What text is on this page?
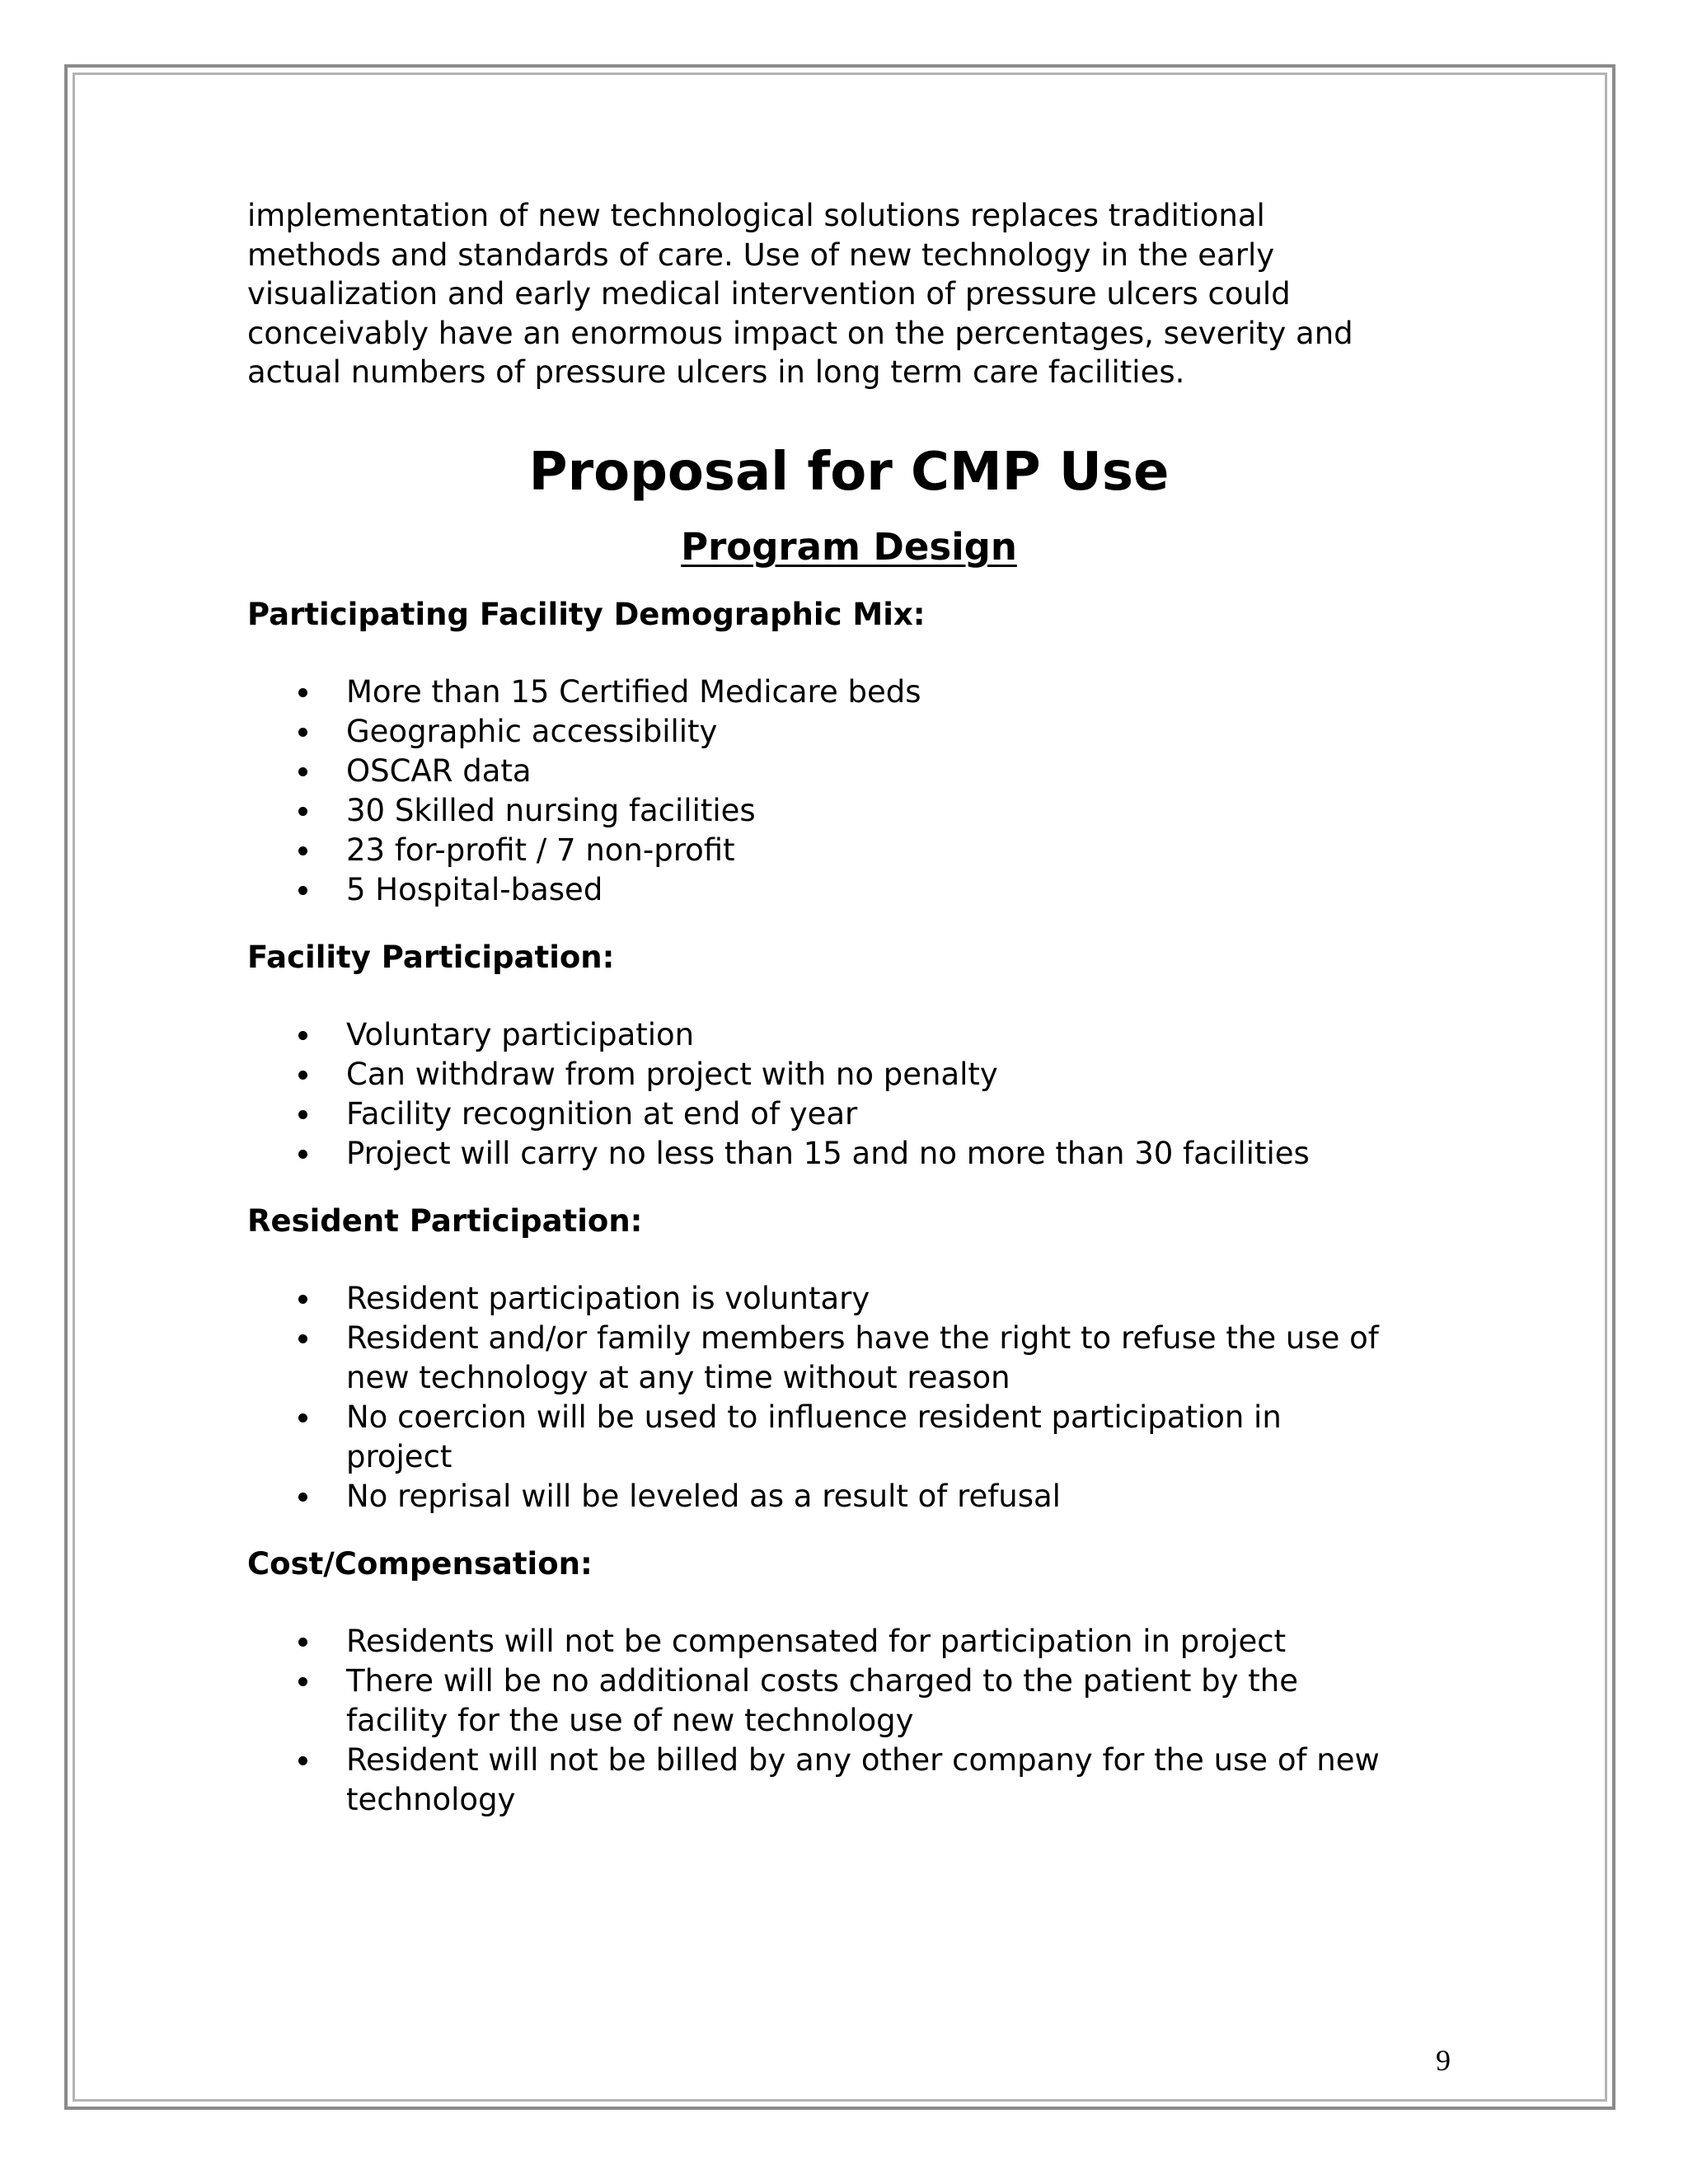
implementation of new technological solutions replaces traditional

methods and standards of care. Use of new technology in the early

visualization and early medical intervention of pressure ulcers could

conceivably have an enormous impact on the percentages, severity and

actual numbers of pressure ulcers in long term care facilities.

Proposal for CMP Use
Program Design
Participating Facility Demographic Mix:
More than 15 Certified Medicare beds
Geographic accessibility
OSCAR data
30 Skilled nursing facilities
23 for-profit / 7 non-profit
5 Hospital-based
Facility Participation:
Voluntary participation
Can withdraw from project with no penalty
Facility recognition at end of year
Project will carry no less than 15 and no more than 30 facilities
Resident Participation:
Resident participation is voluntary
Resident and/or family members have the right to refuse the use of
new technology at any time without reason
No coercion will be used to influence resident participation in
project
No reprisal will be leveled as a result of refusal
Cost/Compensation:
Residents will not be compensated for participation in project
There will be no additional costs charged to the patient by the
facility for the use of new technology
Resident will not be billed by any other company for the use of new
technology
9
